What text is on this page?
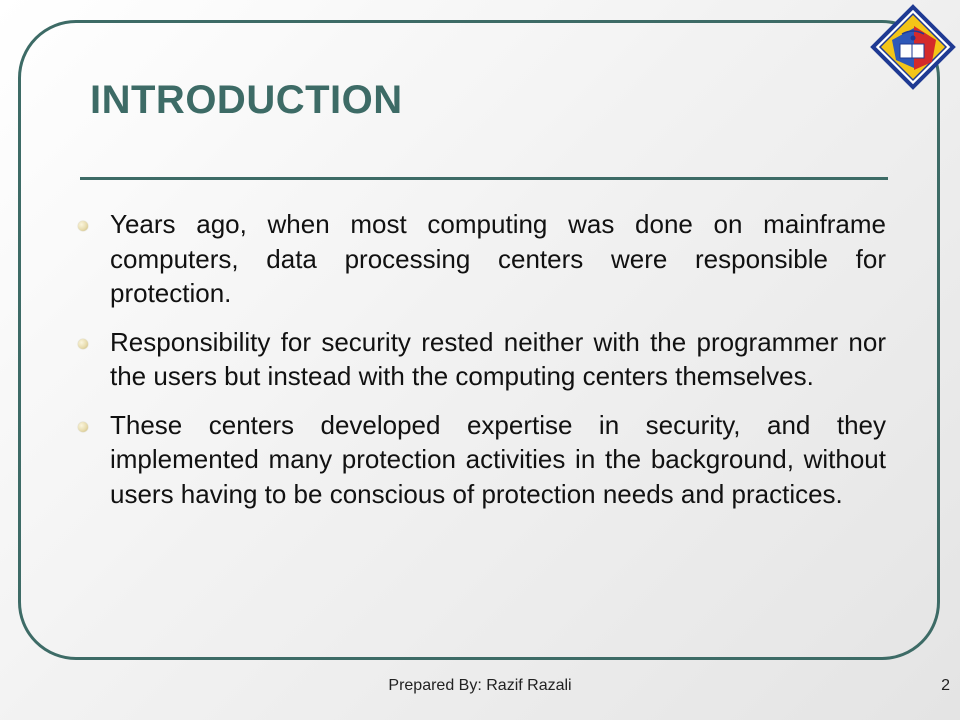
INTRODUCTION
Years ago, when most computing was done on mainframe computers, data processing centers were responsible for protection.
Responsibility for security rested neither with the programmer nor the users but instead with the computing centers themselves.
These centers developed expertise in security, and they implemented many protection activities in the background, without users having to be conscious of protection needs and practices.
Prepared By: Razif Razali	2
